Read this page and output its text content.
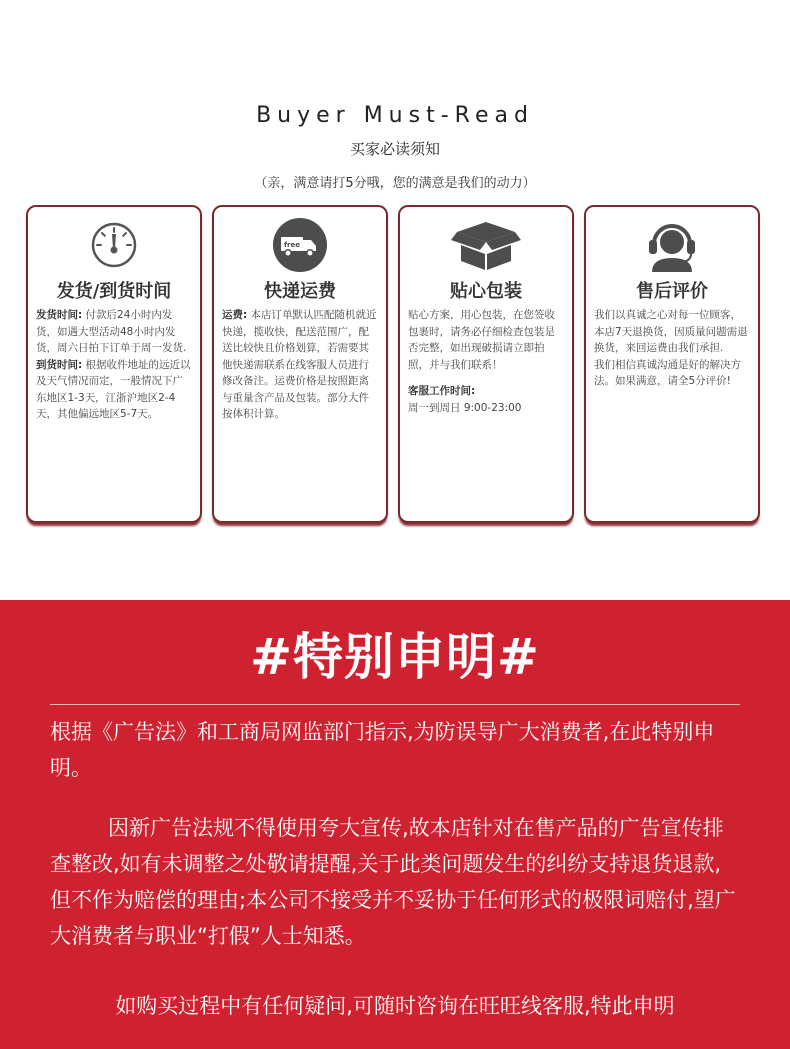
Buyer Must-Read
买家必读须知
（亲，满意请打5分哦，您的满意是我们的动力）
发货/到货时间

发货时间: 付款后24小时内发货，如遇大型活动48小时内发货，周六日拍下订单于周一发货.

到货时间: 根据收件地址的远近以及天气情况而定，一般情况下广东地区1-3天，江浙沪地区2-4天，其他偏远地区5-7天。

free
快递运费

运费: 本店订单默认匹配随机就近快递，揽收快，配送范围广，配送比较快且价格划算，若需要其他快递需联系在线客服人员进行修改备注。运费价格是按照距离与重量含产品及包装。部分大件按体积计算。

贴心包装

贴心方案，用心包装，在您签收包裹时，请务必仔细检查包装是否完整，如出现破损请立即拍照，并与我们联系！

客服工作时间:

周一到周日 9:00-23:00

售后评价

我们以真诚之心对每一位顾客，本店7天退换货，因质量问题需退换货，来回运费由我们承担.

我们相信真诚沟通是好的解决方法。如果满意，请全5分评价!

#特别申明#
根据《广告法》和工商局网监部门指示,为防误导广大消费者,在此特别申明。
因新广告法规不得使用夸大宣传,故本店针对在售产品的广告宣传排查整改,如有未调整之处敬请提醒,关于此类问题发生的纠纷支持退货退款,但不作为赔偿的理由;本公司不接受并不妥协于任何形式的极限词赔付,望广大消费者与职业“打假”人士知悉。
如购买过程中有任何疑问,可随时咨询在旺旺线客服,特此申明
